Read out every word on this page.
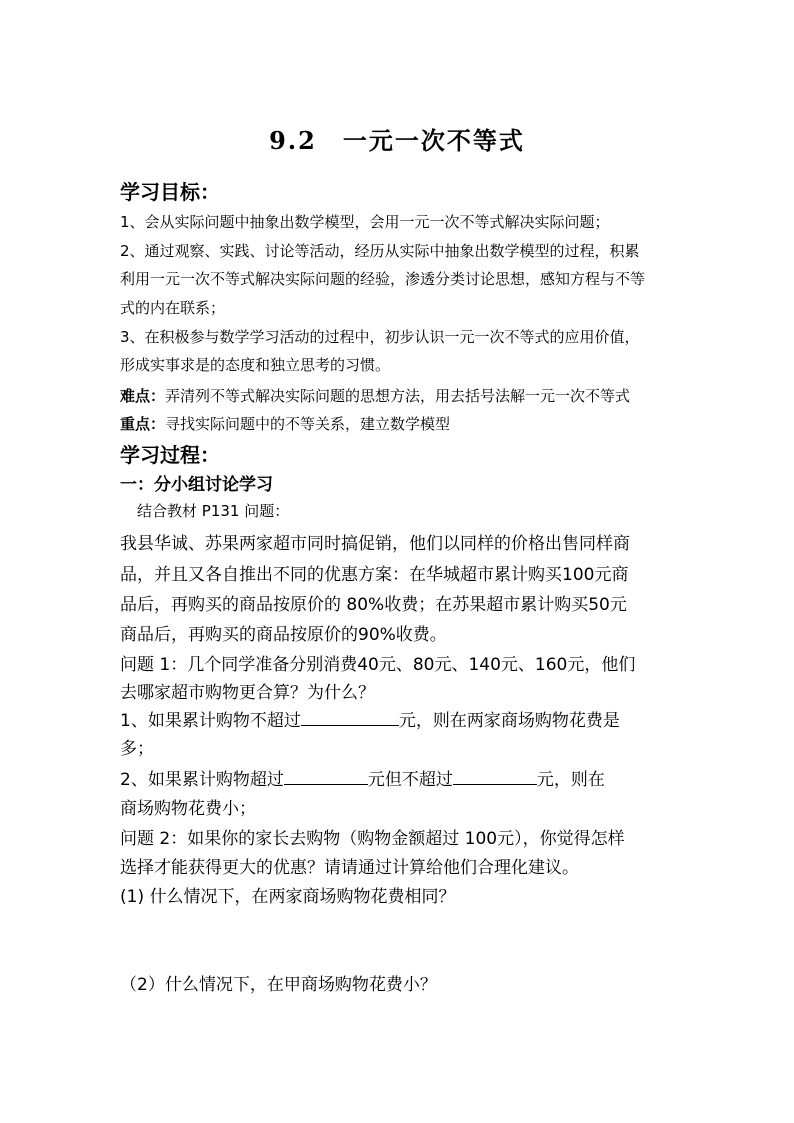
9.2　一元一次不等式
学习目标：
1、会从实际问题中抽象出数学模型，会用一元一次不等式解决实际问题；
2、通过观察、实践、讨论等活动，经历从实际中抽象出数学模型的过程，积累
利用一元一次不等式解决实际问题的经验，渗透分类讨论思想，感知方程与不等
式的内在联系；
3、在积极参与数学学习活动的过程中，初步认识一元一次不等式的应用价值，
形成实事求是的态度和独立思考的习惯。
难点：弄清列不等式解决实际问题的思想方法，用去括号法解一元一次不等式
重点：寻找实际问题中的不等关系，建立数学模型
学习过程：
一：分小组讨论学习
结合教材 P131 问题：
我县华诚、苏果两家超市同时搞促销，他们以同样的价格出售同样商
品，并且又各自推出不同的优惠方案：在华城超市累计购买100元商
品后，再购买的商品按原价的 80%收费；在苏果超市累计购买50元
商品后，再购买的商品按原价的90%收费。
问题 1：几个同学准备分别消费40元、80元、140元、160元，他们
去哪家超市购物更合算？为什么？
1、如果累计购物不超过	元，则在两家商场购物花费是
多；
2、如果累计购物超过	元但不超过	元，则在
商场购物花费小；
问题 2：如果你的家长去购物（购物金额超过 100元），你觉得怎样
选择才能获得更大的优惠？请请通过计算给他们合理化建议。
(1) 什么情况下，在两家商场购物花费相同？
（2）什么情况下，在甲商场购物花费小？
